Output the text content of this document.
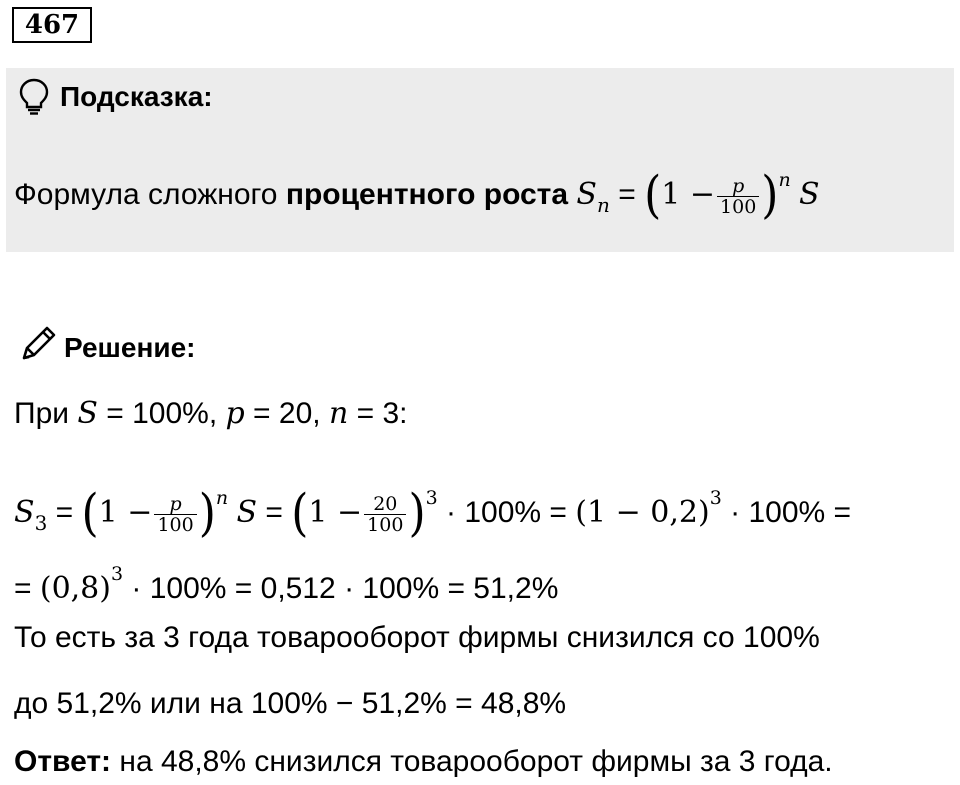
467
Подсказка:
Формула сложного процентного роста $S_n = (1 - \frac{p}{100} )^n$ S
Решение:
При S = 100%, p = 20, n = 3:
$S_3 = (1 - \frac{p}{100} )^n$ $S = (1 - \frac{20}{100} )^3 \cdot 100\% = (1 - 0,2)^3 \cdot 100\%$ =
= $(0,8)^3 \cdot 100\% = 0,512 \cdot 100\% = 51,2\%$
То есть за 3 года товарооборот фирмы снизился со 100%
до 51,2% или на 100% − 51,2% = 48,8%
Ответ: на 48,8% снизился товарооборот фирмы за 3 года.
